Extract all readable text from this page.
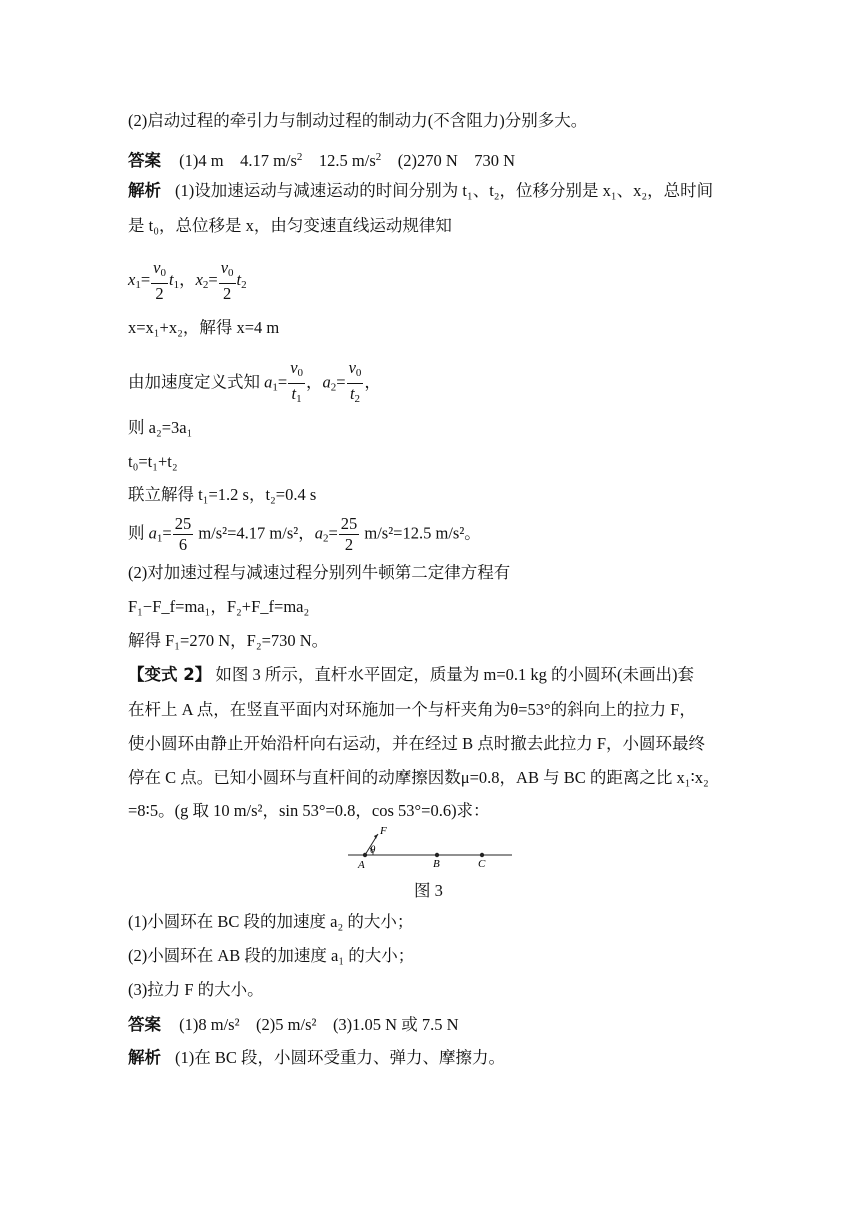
(2)启动过程的牵引力与制动过程的制动力(不含阻力)分别多大。
答案 (1)4 m 4.17 $m/s^2$ 12.5 $m/s^2$ (2)270 N 730 N
解析 (1)设加速运动与减速运动的时间分别为 t₁、t₂，位移分别是 x₁、x₂，总时间
是 t₀，总位移是 x，由匀变速直线运动规律知
$x_1= \frac{v_0}{2} t_1$，$x_2= \frac{v_0}{2} t_2$
x=x₁+x₂，解得 x=4 m
由加速度定义式知 $a_1= \frac{v_0}{t_1}$ ，$a_2= \frac{v_0}{t_2}$ ，
则 a₂=3a₁
t₀=t₁+t₂
联立解得 t₁=1.2 s，t₂=0.4 s
则 $a_1= \frac{25}{6} m/s^2=4.17$ m/s²，$a_2= \frac{25}{2} m/s^2=12.5$ m/s²。
(2)对加速过程与减速过程分别列牛顿第二定律方程有
F₁−F_f=ma₁，F₂+F_f=ma₂
解得 F₁=270 N，F₂=730 N。
【变式 2】 如图 3 所示，直杆水平固定，质量为 m=0.1 kg 的小圆环(未画出)套
在杆上 A 点，在竖直平面内对环施加一个与杆夹角为θ=53°的斜向上的拉力 F，
使小圆环由静止开始沿杆向右运动，并在经过 B 点时撤去此拉力 F，小圆环最终
停在 C 点。已知小圆环与直杆间的动摩擦因数μ=0.8，AB 与 BC 的距离之比 x₁∶x₂
=8∶5。(g 取 10 m/s²，sin 53°=0.8，cos 53°=0.6)求：
F
θ
A	B	C
图 3
(1)小圆环在 BC 段的加速度 a₂ 的大小；
(2)小圆环在 AB 段的加速度 a₁ 的大小；
(3)拉力 F 的大小。
答案 (1)8 m/s² (2)5 m/s² (3)1.05 N 或 7.5 N
解析 (1)在 BC 段，小圆环受重力、弹力、摩擦力。
